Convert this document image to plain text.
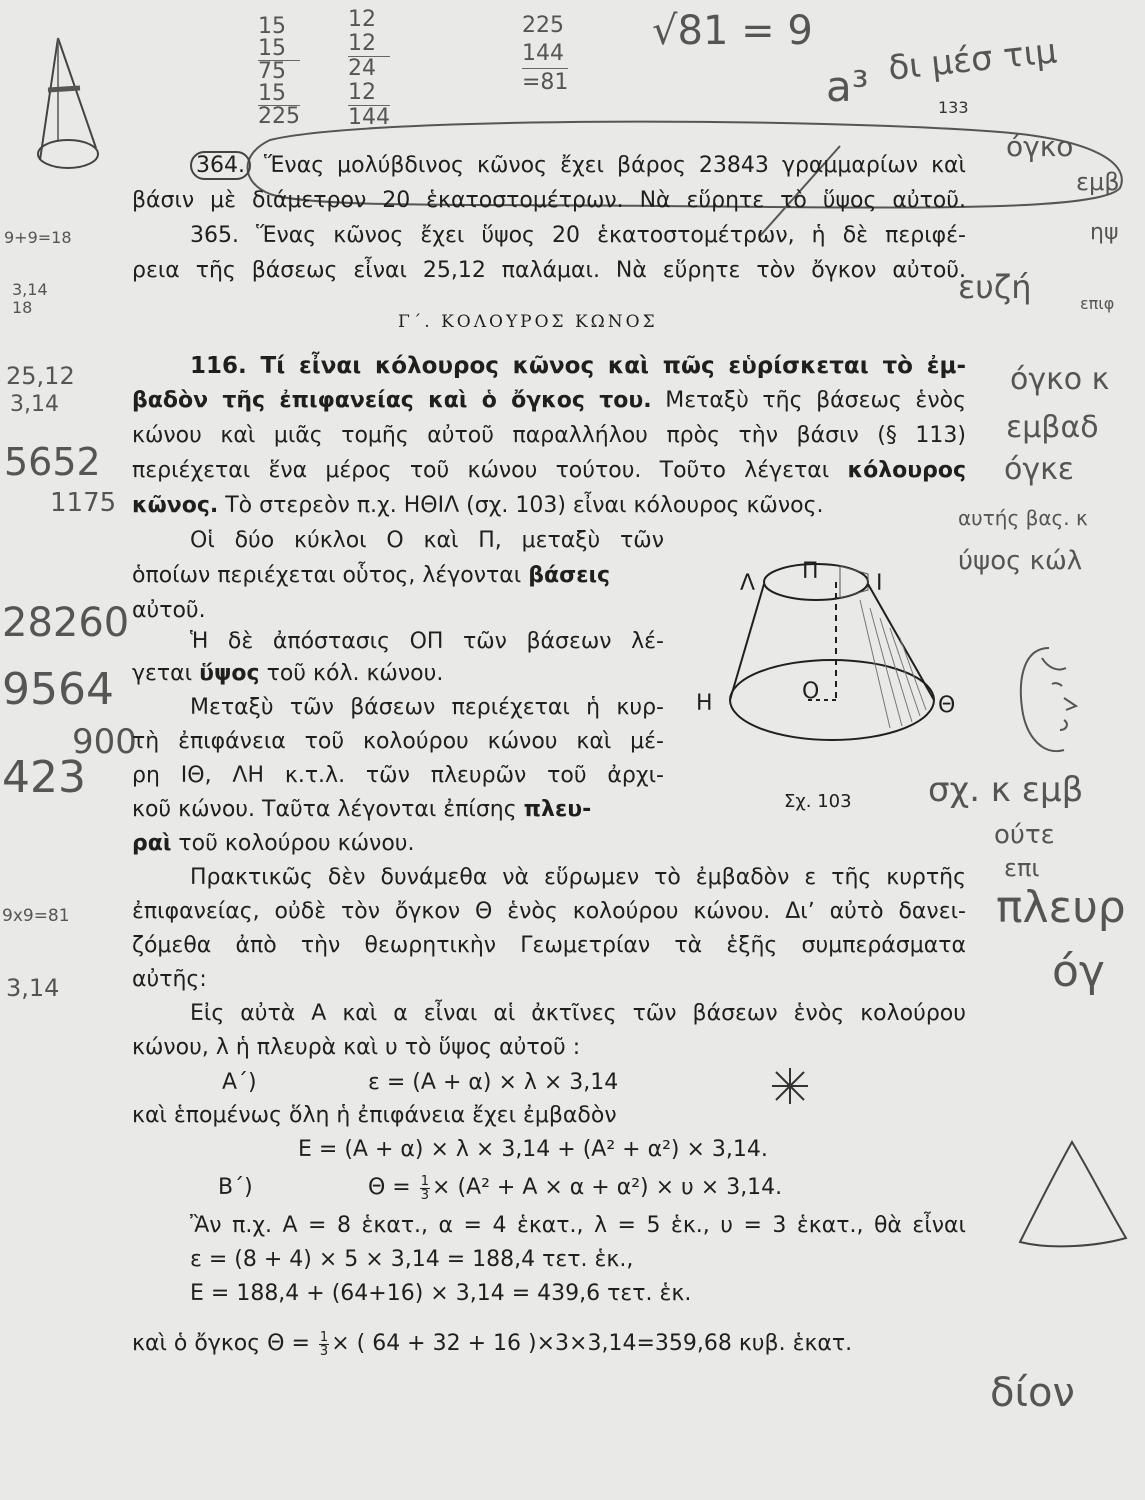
15
15
75
15
225
12
12
24
12
144
225
144
=81
√81 = 9
9+9=18
3,14
18
25,12
3,14
5652
1175
28260
9564
900
423
9x9=81
3,14
a³ δι μέσ τιμ
όγκο
εμβ
ηψ
ευζή	επιφ
όγκο κ
εμβαδ
όγκε
αυτής βας. κ
ύψος κώλ
σχ. κ εμβ
ούτε
επι
πλευρ
όγ
δίον
133
364. Ἕνας μολύβδινος κῶνος ἔχει βάρος 23843 γραμμαρίων καὶ
βάσιν μὲ διάμετρον 20 ἑκατοστομέτρων. Νὰ εὕρητε τὸ ὕψος αὐτοῦ.
365. Ἕνας κῶνος ἔχει ὕψος 20 ἑκατοστομέτρων, ἡ δὲ περιφέ-
ρεια τῆς βάσεως εἶναι 25,12 παλάμαι. Νὰ εὕρητε τὸν ὄγκον αὐτοῦ.
Γ΄. ΚΟΛΟΥΡΟΣ ΚΩΝΟΣ
116. Τί εἶναι κόλουρος κῶνος καὶ πῶς εὑρίσκεται τὸ ἐμ-
βαδὸν τῆς ἐπιφανείας καὶ ὁ ὄγκος του. Μεταξὺ τῆς βάσεως ἑνὸς
κώνου καὶ μιᾶς τομῆς αὐτοῦ παραλλήλου πρὸς τὴν βάσιν (§ 113)
περιέχεται ἕνα μέρος τοῦ κώνου τούτου. Τοῦτο λέγεται κόλουρος
κῶνος. Τὸ στερεὸν π.χ. ΗΘΙΛ (σχ. 103) εἶναι κόλουρος κῶνος.
Οἱ δύο κύκλοι Ο καὶ Π, μεταξὺ τῶν
ὁποίων περιέχεται οὗτος, λέγονται βάσεις
αὐτοῦ.
Ἡ δὲ ἀπόστασις ΟΠ τῶν βάσεων λέ-
γεται ὕψος τοῦ κόλ. κώνου.
Μεταξὺ τῶν βάσεων περιέχεται ἡ κυρ-
τὴ ἐπιφάνεια τοῦ κολούρου κώνου καὶ μέ-
ρη ΙΘ, ΛΗ κ.τ.λ. τῶν πλευρῶν τοῦ ἀρχι-
κοῦ κώνου. Ταῦτα λέγονται ἐπίσης πλευ-
ραὶ τοῦ κολούρου κώνου.
Λ Π	Ι
Ο
Η	Θ
Σχ. 103
Πρακτικῶς δὲν δυνάμεθα νὰ εὕρωμεν τὸ ἐμβαδὸν ε τῆς κυρτῆς
ἐπιφανείας, οὐδὲ τὸν ὄγκον Θ ἑνὸς κολούρου κώνου. Διʼ αὐτὸ δανει-
ζόμεθα ἀπὸ τὴν θεωρητικὴν Γεωμετρίαν τὰ ἑξῆς συμπεράσματα
αὐτῆς:
Εἰς αὐτὰ Α καὶ α εἶναι αἱ ἀκτῖνες τῶν βάσεων ἑνὸς κολούρου
κώνου, λ ἡ πλευρὰ καὶ υ τὸ ὕψος αὐτοῦ :
Α΄)	ε = (Α + α) × λ × 3,14
καὶ ἑπομένως ὅλη ἡ ἐπιφάνεια ἔχει ἐμβαδὸν
Ε = (Α + α) × λ × 3,14 + (Α² + α²) × 3,14.
Β΄)	$\Theta = \frac{1}{3} \times (A^2 + A \times \alpha + \alpha^2) \times \upsilon \times 3,14$.
Ἂν π.χ. Α = 8 ἑκατ., α = 4 ἑκατ., λ = 5 ἑκ., υ = 3 ἑκατ., θὰ εἶναι
ε = (8 + 4) × 5 × 3,14 = 188,4 τετ. ἑκ.,
Ε = 188,4 + (64+16) × 3,14 = 439,6 τετ. ἑκ.
καὶ ὁ ὄγκος $\Theta = \frac{1}{3}$ × ( 64 + 32 + 16 )×3×3,14=359,68 κυβ. ἑκατ.
